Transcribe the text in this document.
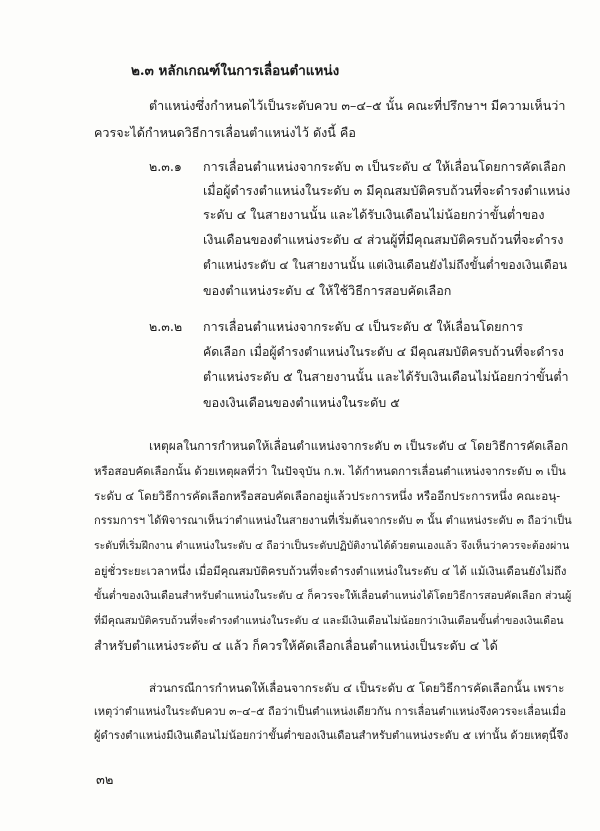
๒.๓ หลักเกณฑ์ในการเลื่อนตำแหน่ง
ตำแหน่งซึ่งกำหนดไว้เป็นระดับควบ ๓–๔–๕ นั้น คณะที่ปรึกษาฯ มีความเห็นว่า
ควรจะได้กำหนดวิธีการเลื่อนตำแหน่งไว้ ดังนี้ คือ
๒.๓.๑ การเลื่อนตำแหน่งจากระดับ ๓ เป็นระดับ ๔ ให้เลื่อนโดยการคัดเลือก
เมื่อผู้ดำรงตำแหน่งในระดับ ๓ มีคุณสมบัติครบถ้วนที่จะดำรงตำแหน่ง
ระดับ ๔ ในสายงานนั้น และได้รับเงินเดือนไม่น้อยกว่าขั้นต่ำของ
เงินเดือนของตำแหน่งระดับ ๔ ส่วนผู้ที่มีคุณสมบัติครบถ้วนที่จะดำรง
ตำแหน่งระดับ ๔ ในสายงานนั้น แต่เงินเดือนยังไม่ถึงขั้นต่ำของเงินเดือน
ของตำแหน่งระดับ ๔ ให้ใช้วิธีการสอบคัดเลือก
๒.๓.๒ การเลื่อนตำแหน่งจากระดับ ๔ เป็นระดับ ๕ ให้เลื่อนโดยการ
คัดเลือก เมื่อผู้ดำรงตำแหน่งในระดับ ๔ มีคุณสมบัติครบถ้วนที่จะดำรง
ตำแหน่งระดับ ๕ ในสายงานนั้น และได้รับเงินเดือนไม่น้อยกว่าขั้นต่ำ
ของเงินเดือนของตำแหน่งในระดับ ๕
เหตุผลในการกำหนดให้เลื่อนตำแหน่งจากระดับ ๓ เป็นระดับ ๔ โดยวิธีการคัดเลือก
หรือสอบคัดเลือกนั้น ด้วยเหตุผลที่ว่า ในปัจจุบัน ก.พ. ได้กำหนดการเลื่อนตำแหน่งจากระดับ ๓ เป็น
ระดับ ๔ โดยวิธีการคัดเลือกหรือสอบคัดเลือกอยู่แล้วประการหนึ่ง หรืออีกประการหนึ่ง คณะอนุ-
กรรมการฯ ได้พิจารณาเห็นว่าตำแหน่งในสายงานที่เริ่มต้นจากระดับ ๓ นั้น ตำแหน่งระดับ ๓ ถือว่าเป็น
ระดับที่เริ่มฝึกงาน ตำแหน่งในระดับ ๔ ถือว่าเป็นระดับปฏิบัติงานได้ด้วยตนเองแล้ว จึงเห็นว่าควรจะต้องผ่าน
อยู่ชั่วระยะเวลาหนึ่ง เมื่อมีคุณสมบัติครบถ้วนที่จะดำรงตำแหน่งในระดับ ๔ ได้ แม้เงินเดือนยังไม่ถึง
ขั้นต่ำของเงินเดือนสำหรับตำแหน่งในระดับ ๔ ก็ควรจะให้เลื่อนตำแหน่งได้โดยวิธีการสอบคัดเลือก ส่วนผู้
ที่มีคุณสมบัติครบถ้วนที่จะดำรงตำแหน่งในระดับ ๔ และมีเงินเดือนไม่น้อยกว่าเงินเดือนขั้นต่ำของเงินเดือน
สำหรับตำแหน่งระดับ ๔ แล้ว ก็ควรให้คัดเลือกเลื่อนตำแหน่งเป็นระดับ ๔ ได้
ส่วนกรณีการกำหนดให้เลื่อนจากระดับ ๔ เป็นระดับ ๕ โดยวิธีการคัดเลือกนั้น เพราะ
เหตุว่าตำแหน่งในระดับควบ ๓–๔–๕ ถือว่าเป็นตำแหน่งเดียวกัน การเลื่อนตำแหน่งจึงควรจะเลื่อนเมื่อ
ผู้ดำรงตำแหน่งมีเงินเดือนไม่น้อยกว่าขั้นต่ำของเงินเดือนสำหรับตำแหน่งระดับ ๕ เท่านั้น ด้วยเหตุนี้จึง
๓๒
